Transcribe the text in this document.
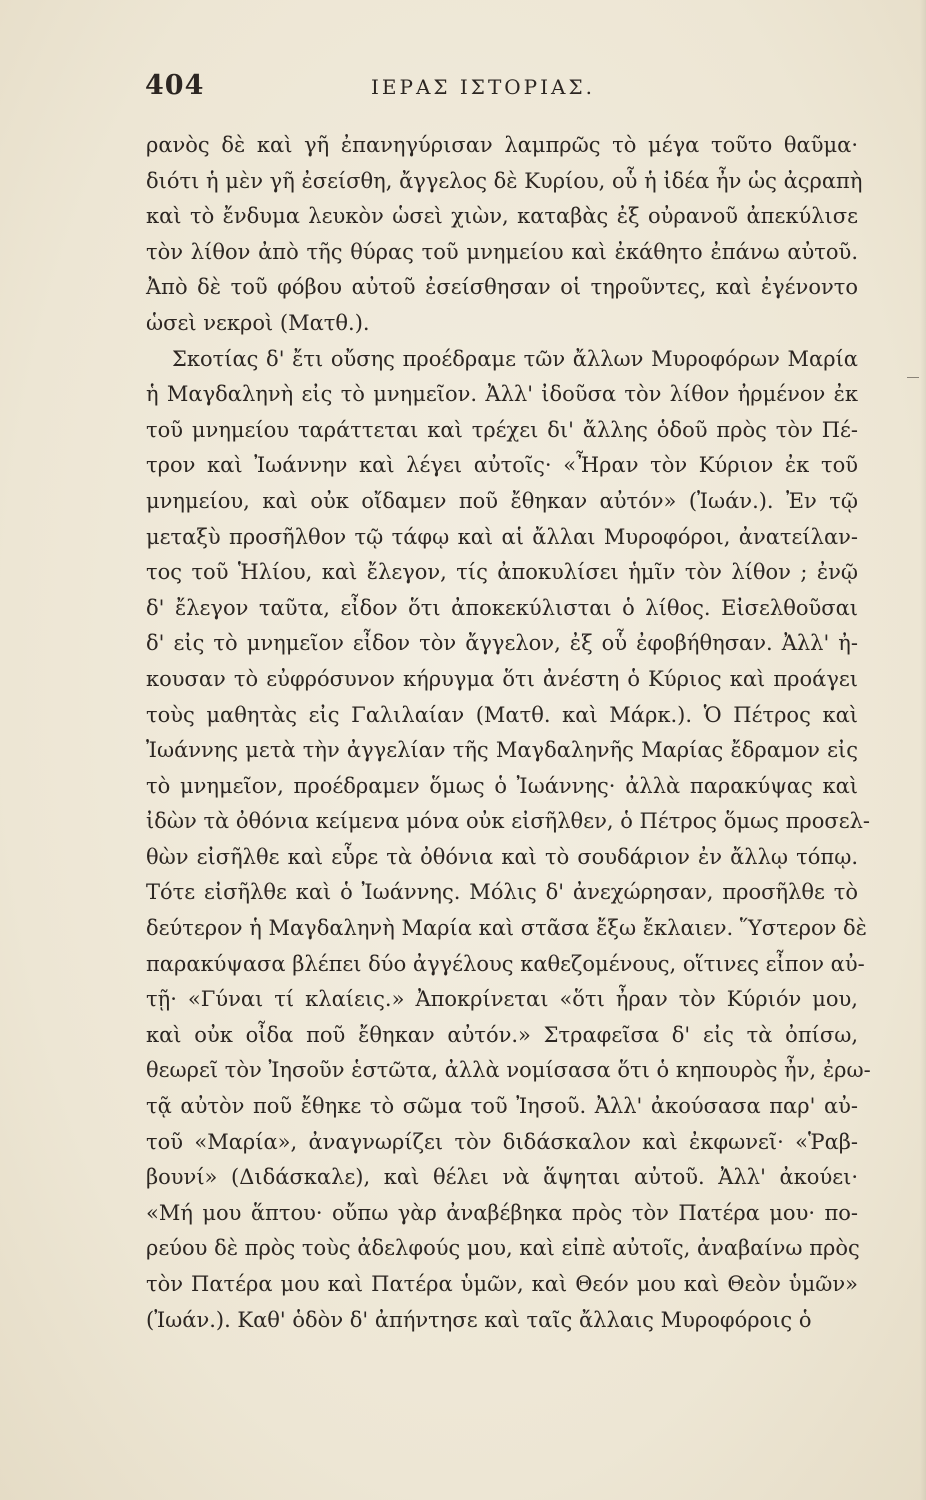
404	ΙΕΡΑΣ ΙΣΤΟΡΙΑΣ.
ρανὸς δὲ καὶ γῆ ἐπανηγύρισαν λαμπρῶς τὸ μέγα τοῦτο θαῦμα·
διότι ἡ μὲν γῆ ἐσείσθη, ἄγγελος δὲ Κυρίου, οὗ ἡ ἰδέα ἦν ὡς ἀςραπὴ
καὶ τὸ ἔνδυμα λευκὸν ὡσεὶ χιὼν, καταβὰς ἐξ οὐρανοῦ ἀπεκύλισε
τὸν λίθον ἀπὸ τῆς θύρας τοῦ μνημείου καὶ ἐκάθητο ἐπάνω αὐτοῦ.
Ἀπὸ δὲ τοῦ φόβου αὐτοῦ ἐσείσθησαν οἱ τηροῦντες, καὶ ἐγένοντο
ὡσεὶ νεκροὶ (Ματθ.).
Σκοτίας δ' ἔτι οὔσης προέδραμε τῶν ἄλλων Μυροφόρων Μαρία
ἡ Μαγδαληνὴ εἰς τὸ μνημεῖον. Ἀλλ' ἰδοῦσα τὸν λίθον ἠρμένον ἐκ
τοῦ μνημείου ταράττεται καὶ τρέχει δι' ἄλλης ὁδοῦ πρὸς τὸν Πέ-
τρον καὶ Ἰωάννην καὶ λέγει αὐτοῖς· «Ἦραν τὸν Κύριον ἐκ τοῦ
μνημείου, καὶ οὐκ οἴδαμεν ποῦ ἔθηκαν αὐτόν» (Ἰωάν.). Ἐν τῷ
μεταξὺ προσῆλθον τῷ τάφῳ καὶ αἱ ἄλλαι Μυροφόροι, ἀνατείλαν-
τος τοῦ Ἡλίου, καὶ ἔλεγον, τίς ἀποκυλίσει ἡμῖν τὸν λίθον ; ἐνῷ
δ' ἔλεγον ταῦτα, εἶδον ὅτι ἀποκεκύλισται ὁ λίθος. Εἰσελθοῦσαι
δ' εἰς τὸ μνημεῖον εἶδον τὸν ἄγγελον, ἐξ οὗ ἐφοβήθησαν. Ἀλλ' ἠ-
κουσαν τὸ εὐφρόσυνον κήρυγμα ὅτι ἀνέστη ὁ Κύριος καὶ προάγει
τοὺς μαθητὰς εἰς Γαλιλαίαν (Ματθ. καὶ Μάρκ.). Ὁ Πέτρος καὶ
Ἰωάννης μετὰ τὴν ἀγγελίαν τῆς Μαγδαληνῆς Μαρίας ἔδραμον εἰς
τὸ μνημεῖον, προέδραμεν ὅμως ὁ Ἰωάννης· ἀλλὰ παρακύψας καὶ
ἰδὼν τὰ ὀθόνια κείμενα μόνα οὐκ εἰσῆλθεν, ὁ Πέτρος ὅμως προσελ-
θὼν εἰσῆλθε καὶ εὗρε τὰ ὀθόνια καὶ τὸ σουδάριον ἐν ἄλλῳ τόπῳ.
Τότε εἰσῆλθε καὶ ὁ Ἰωάννης. Μόλις δ' ἀνεχώρησαν, προσῆλθε τὸ
δεύτερον ἡ Μαγδαληνὴ Μαρία καὶ στᾶσα ἔξω ἔκλαιεν. Ὕστερον δὲ
παρακύψασα βλέπει δύο ἀγγέλους καθεζομένους, οἵτινες εἶπον αὐ-
τῇ· «Γύναι τί κλαίεις.» Ἀποκρίνεται «ὅτι ἦραν τὸν Κύριόν μου,
καὶ οὐκ οἶδα ποῦ ἔθηκαν αὐτόν.» Στραφεῖσα δ' εἰς τὰ ὀπίσω,
θεωρεῖ τὸν Ἰησοῦν ἑστῶτα, ἀλλὰ νομίσασα ὅτι ὁ κηπουρὸς ἦν, ἐρω-
τᾷ αὐτὸν ποῦ ἔθηκε τὸ σῶμα τοῦ Ἰησοῦ. Ἀλλ' ἀκούσασα παρ' αὐ-
τοῦ «Μαρία», ἀναγνωρίζει τὸν διδάσκαλον καὶ ἐκφωνεῖ· «Ῥαβ-
βουνί» (Διδάσκαλε), καὶ θέλει νὰ ἅψηται αὐτοῦ. Ἀλλ' ἀκούει·
«Μή μου ἅπτου· οὔπω γὰρ ἀναβέβηκα πρὸς τὸν Πατέρα μου· πο-
ρεύου δὲ πρὸς τοὺς ἀδελφούς μου, καὶ εἰπὲ αὐτοῖς, ἀναβαίνω πρὸς
τὸν Πατέρα μου καὶ Πατέρα ὑμῶν, καὶ Θεόν μου καὶ Θεὸν ὑμῶν»
(Ἰωάν.). Καθ' ὁδὸν δ' ἀπήντησε καὶ ταῖς ἄλλαις Μυροφόροις ὁ
